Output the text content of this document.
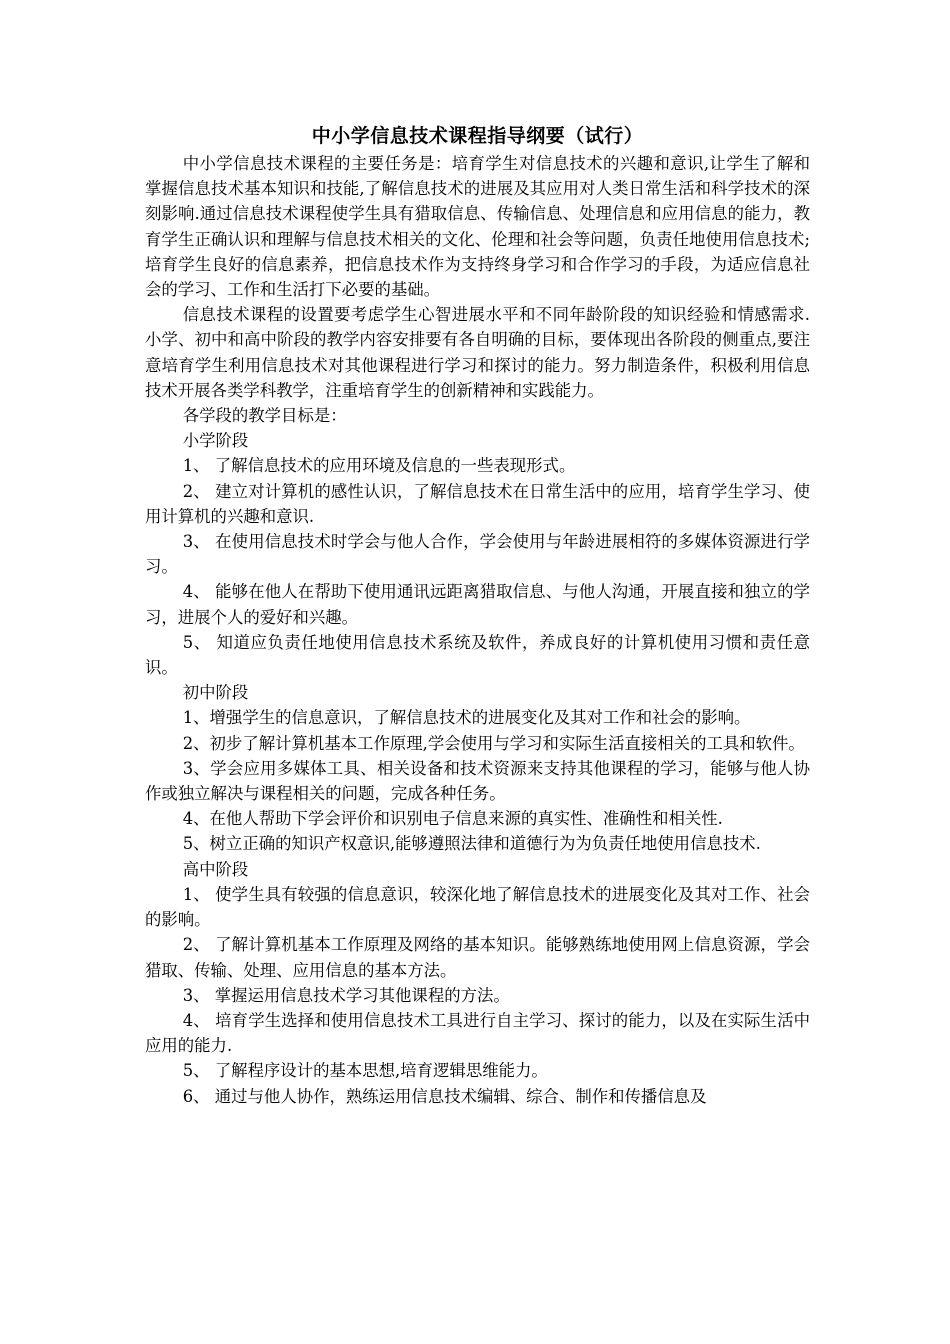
中小学信息技术课程指导纲要（试行）

中小学信息技术课程的主要任务是：培育学生对信息技术的兴趣和意识,让学生了解和掌握信息技术基本知识和技能,了解信息技术的进展及其应用对人类日常生活和科学技术的深刻影响.通过信息技术课程使学生具有猎取信息、传输信息、处理信息和应用信息的能力，教育学生正确认识和理解与信息技术相关的文化、伦理和社会等问题，负责任地使用信息技术;培育学生良好的信息素养，把信息技术作为支持终身学习和合作学习的手段，为适应信息社会的学习、工作和生活打下必要的基础。

信息技术课程的设置要考虑学生心智进展水平和不同年龄阶段的知识经验和情感需求.小学、初中和高中阶段的教学内容安排要有各自明确的目标，要体现出各阶段的侧重点,要注意培育学生利用信息技术对其他课程进行学习和探讨的能力。努力制造条件，积极利用信息技术开展各类学科教学，注重培育学生的创新精神和实践能力。

各学段的教学目标是：

小学阶段

1、 了解信息技术的应用环境及信息的一些表现形式。

2、 建立对计算机的感性认识，了解信息技术在日常生活中的应用，培育学生学习、使用计算机的兴趣和意识.

3、 在使用信息技术时学会与他人合作，学会使用与年龄进展相符的多媒体资源进行学习。

4、 能够在他人在帮助下使用通讯远距离猎取信息、与他人沟通，开展直接和独立的学习，进展个人的爱好和兴趣。

5、 知道应负责任地使用信息技术系统及软件，养成良好的计算机使用习惯和责任意识。

初中阶段

1、增强学生的信息意识，了解信息技术的进展变化及其对工作和社会的影响。

2、初步了解计算机基本工作原理,学会使用与学习和实际生活直接相关的工具和软件。

3、学会应用多媒体工具、相关设备和技术资源来支持其他课程的学习，能够与他人协作或独立解决与课程相关的问题，完成各种任务。

4、在他人帮助下学会评价和识别电子信息来源的真实性、准确性和相关性.

5、树立正确的知识产权意识,能够遵照法律和道德行为为负责任地使用信息技术.

高中阶段

1、 使学生具有较强的信息意识，较深化地了解信息技术的进展变化及其对工作、社会的影响。

2、 了解计算机基本工作原理及网络的基本知识。能够熟练地使用网上信息资源，学会猎取、传输、处理、应用信息的基本方法。

3、 掌握运用信息技术学习其他课程的方法。

4、 培育学生选择和使用信息技术工具进行自主学习、探讨的能力，以及在实际生活中应用的能力.

5、 了解程序设计的基本思想,培育逻辑思维能力。

6、 通过与他人协作，熟练运用信息技术编辑、综合、制作和传播信息及
